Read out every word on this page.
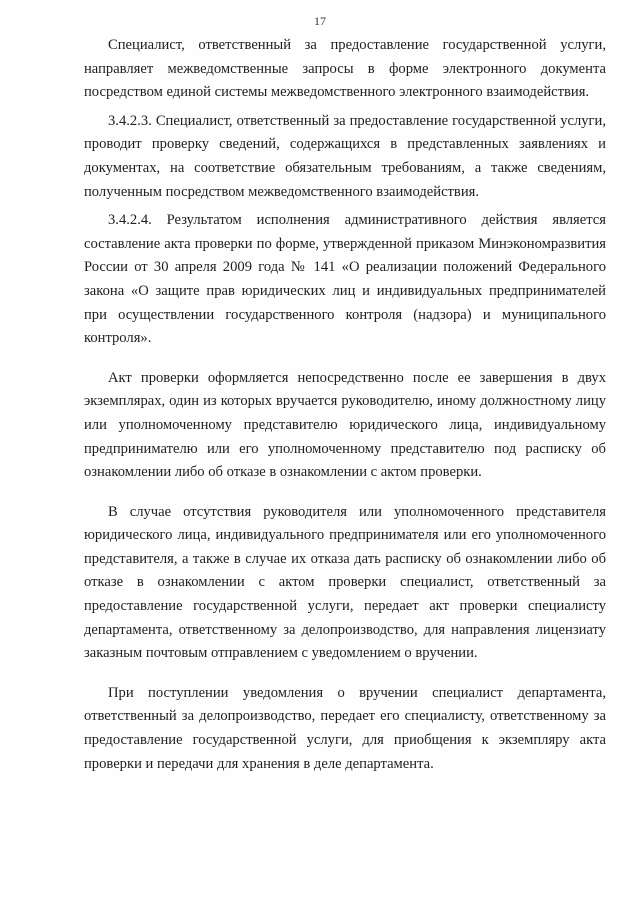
17

Специалист, ответственный за предоставление государственной услуги, направляет межведомственные запросы в форме электронного документа посредством единой системы межведомственного электронного взаимодействия.

3.4.2.3. Специалист, ответственный за предоставление государственной услуги, проводит проверку сведений, содержащихся в представленных заявлениях и документах, на соответствие обязательным требованиям, а также сведениям, полученным посредством межведомственного взаимодействия.

3.4.2.4. Результатом исполнения административного действия является составление акта проверки по форме, утвержденной приказом Минэкономразвития России от 30 апреля 2009 года № 141 «О реализации положений Федерального закона «О защите прав юридических лиц и индивидуальных предпринимателей при осуществлении государственного контроля (надзора) и муниципального контроля».

Акт проверки оформляется непосредственно после ее завершения в двух экземплярах, один из которых вручается руководителю, иному должностному лицу или уполномоченному представителю юридического лица, индивидуальному предпринимателю или его уполномоченному представителю под расписку об ознакомлении либо об отказе в ознакомлении с актом проверки.

В случае отсутствия руководителя или уполномоченного представителя юридического лица, индивидуального предпринимателя или его уполномоченного представителя, а также в случае их отказа дать расписку об ознакомлении либо об отказе в ознакомлении с актом проверки специалист, ответственный за предоставление государственной услуги, передает акт проверки специалисту департамента, ответственному за делопроизводство, для направления лицензиату заказным почтовым отправлением с уведомлением о вручении.

При поступлении уведомления о вручении специалист департамента, ответственный за делопроизводство, передает его специалисту, ответственному за предоставление государственной услуги, для приобщения к экземпляру акта проверки и передачи для хранения в деле департамента.
